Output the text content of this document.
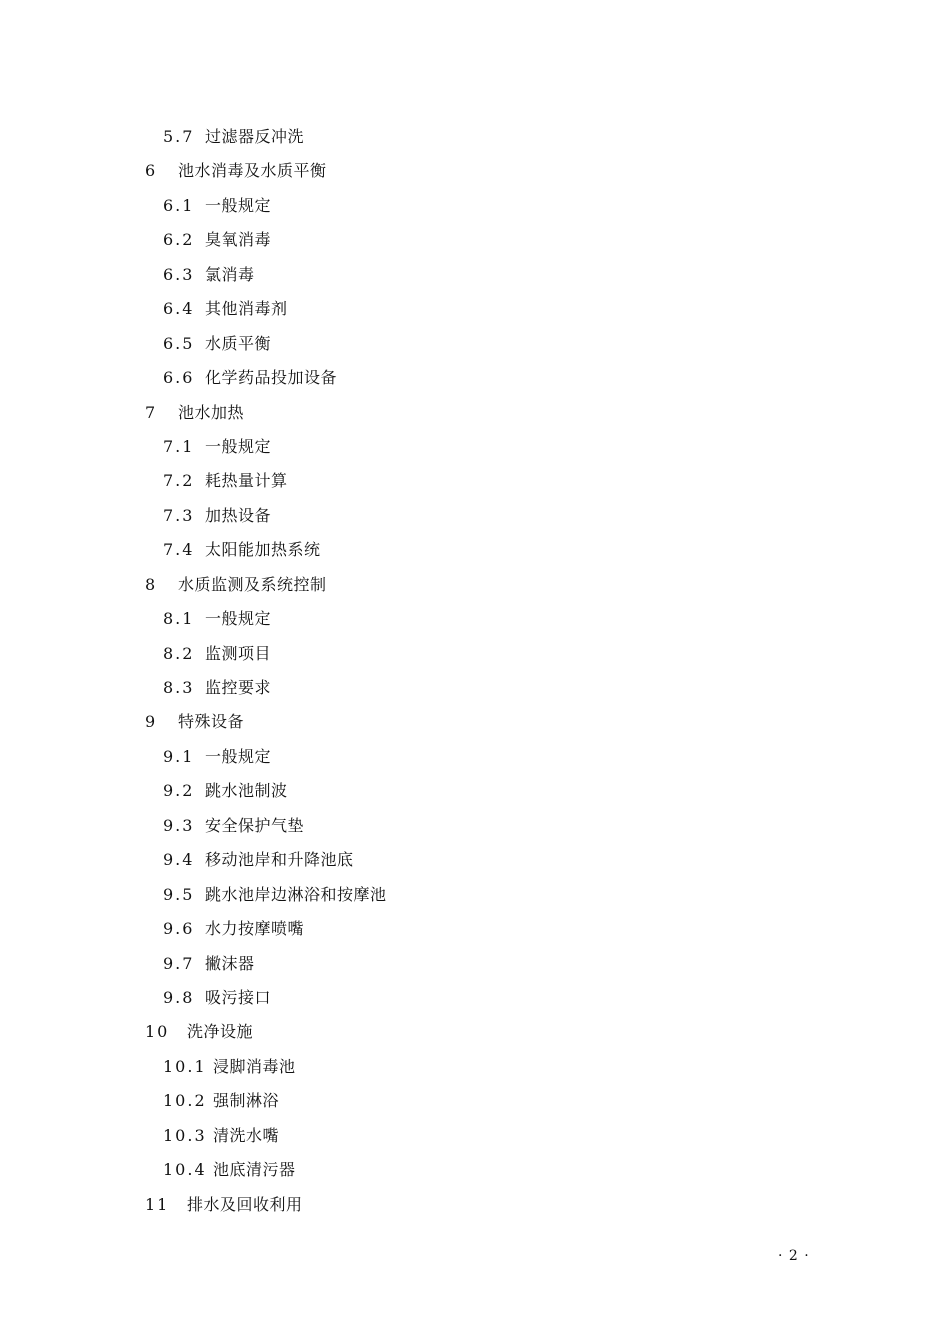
5.7 过滤器反冲洗
6	池水消毒及水质平衡
6.1 一般规定
6.2 臭氧消毒
6.3 氯消毒
6.4 其他消毒剂
6.5 水质平衡
6.6 化学药品投加设备
7	池水加热
7.1 一般规定
7.2 耗热量计算
7.3 加热设备
7.4 太阳能加热系统
8	水质监测及系统控制
8.1 一般规定
8.2 监测项目
8.3 监控要求
9	特殊设备
9.1 一般规定
9.2 跳水池制波
9.3 安全保护气垫
9.4 移动池岸和升降池底
9.5 跳水池岸边淋浴和按摩池
9.6 水力按摩喷嘴
9.7 撇沫器
9.8 吸污接口
10	洗净设施
10.1 浸脚消毒池
10.2 强制淋浴
10.3 清洗水嘴
10.4 池底清污器
11	排水及回收利用
· 2 ·
